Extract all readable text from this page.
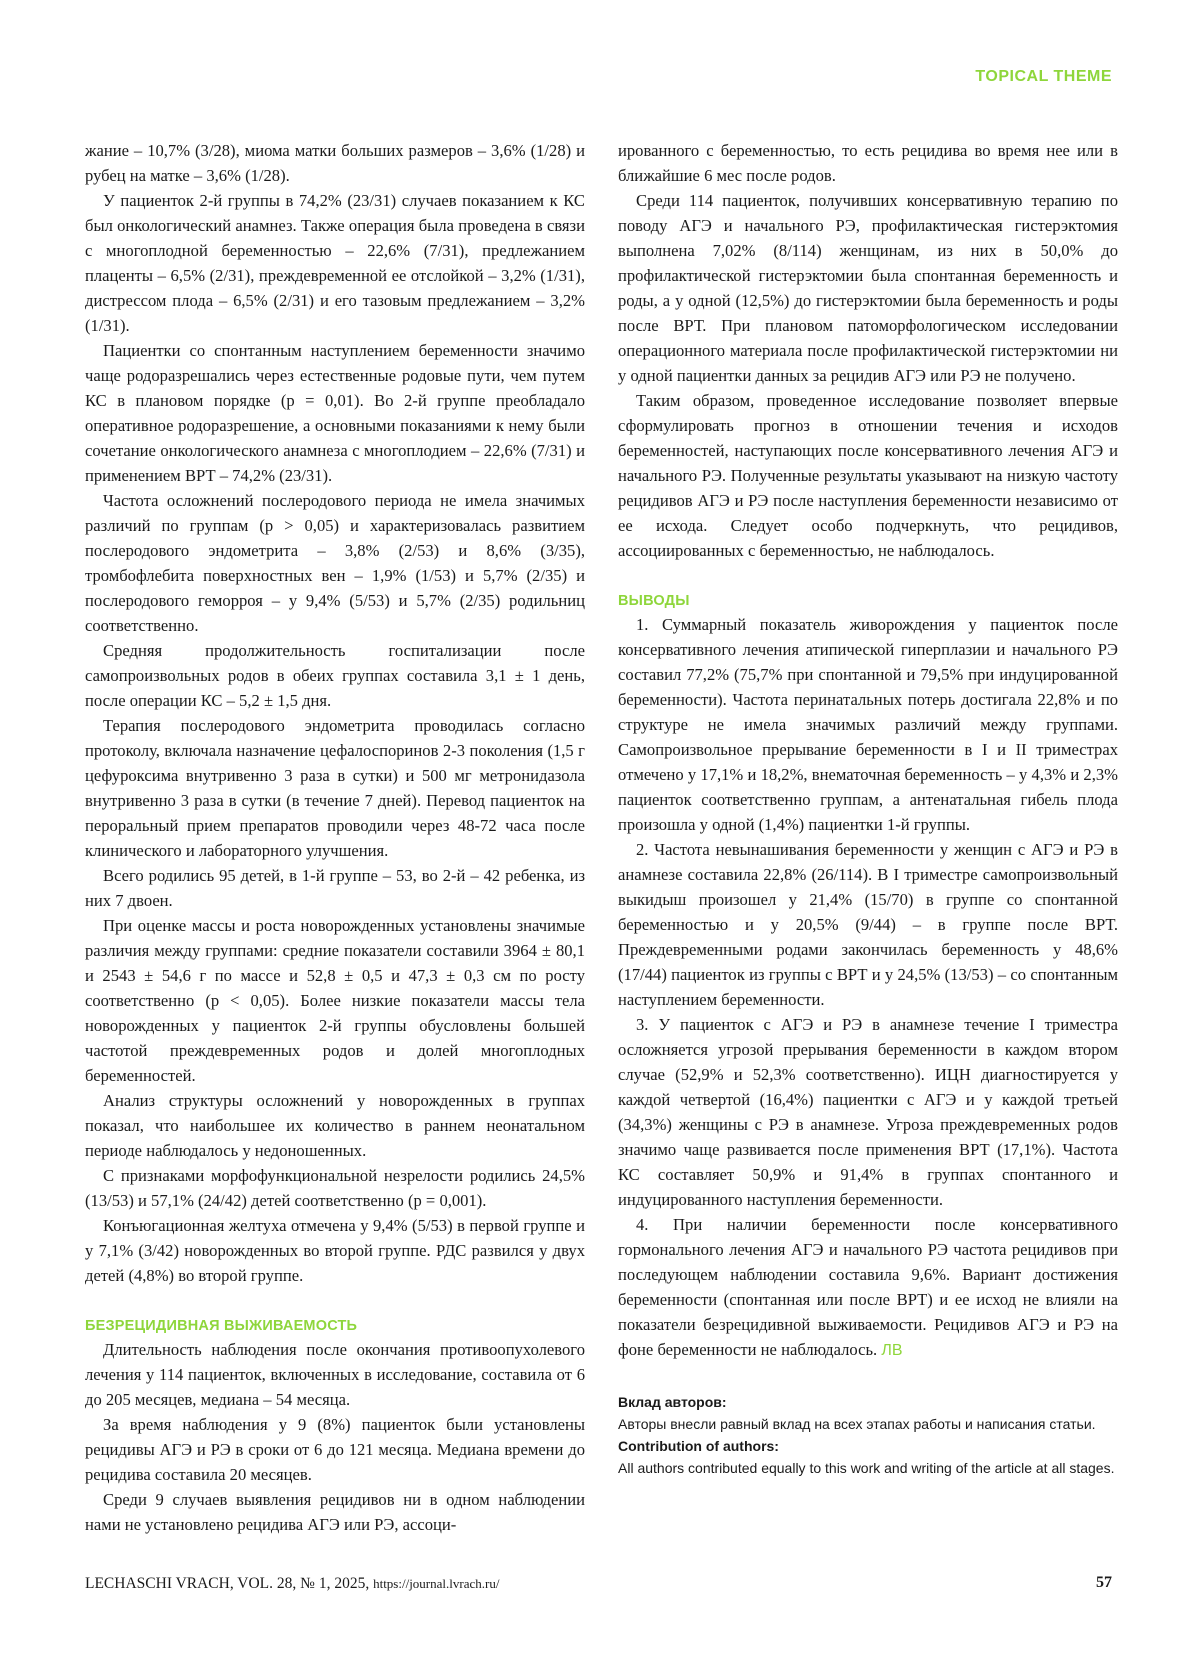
TOPICAL THEME

жание – 10,7% (3/28), миома матки больших размеров – 3,6% (1/28) и рубец на матке – 3,6% (1/28).

У пациенток 2-й группы в 74,2% (23/31) случаев показанием к КС был онкологический анамнез. Также операция была проведена в связи с многоплодной беременностью – 22,6% (7/31), предлежанием плаценты – 6,5% (2/31), преждевременной ее отслойкой – 3,2% (1/31), дистрессом плода – 6,5% (2/31) и его тазовым предлежанием – 3,2% (1/31).

Пациентки со спонтанным наступлением беременности значимо чаще родоразрешались через естественные родовые пути, чем путем КС в плановом порядке (p = 0,01). Во 2-й группе преобладало оперативное родоразрешение, а основными показаниями к нему были сочетание онкологического анамнеза с многоплодием – 22,6% (7/31) и применением ВРТ – 74,2% (23/31).

Частота осложнений послеродового периода не имела значимых различий по группам (p > 0,05) и характеризовалась развитием послеродового эндометрита – 3,8% (2/53) и 8,6% (3/35), тромбофлебита поверхностных вен – 1,9% (1/53) и 5,7% (2/35) и послеродового геморроя – у 9,4% (5/53) и 5,7% (2/35) родильниц соответственно.

Средняя продолжительность госпитализации после самопроизвольных родов в обеих группах составила 3,1 ± 1 день, после операции КС – 5,2 ± 1,5 дня.

Терапия послеродового эндометрита проводилась согласно протоколу, включала назначение цефалоспоринов 2-3 поколения (1,5 г цефуроксима внутривенно 3 раза в сутки) и 500 мг метронидазола внутривенно 3 раза в сутки (в течение 7 дней). Перевод пациенток на пероральный прием препаратов проводили через 48-72 часа после клинического и лабораторного улучшения.

Всего родились 95 детей, в 1-й группе – 53, во 2-й – 42 ребенка, из них 7 двоен.

При оценке массы и роста новорожденных установлены значимые различия между группами: средние показатели составили 3964 ± 80,1 и 2543 ± 54,6 г по массе и 52,8 ± 0,5 и 47,3 ± 0,3 см по росту соответственно (p < 0,05). Более низкие показатели массы тела новорожденных у пациенток 2-й группы обусловлены большей частотой преждевременных родов и долей многоплодных беременностей.

Анализ структуры осложнений у новорожденных в группах показал, что наибольшее их количество в раннем неонатальном периоде наблюдалось у недоношенных.

С признаками морфофункциональной незрелости родились 24,5% (13/53) и 57,1% (24/42) детей соответственно (p = 0,001).

Конъюгационная желтуха отмечена у 9,4% (5/53) в первой группе и у 7,1% (3/42) новорожденных во второй группе. РДС развился у двух детей (4,8%) во второй группе.

БЕЗРЕЦИДИВНАЯ ВЫЖИВАЕМОСТЬ

Длительность наблюдения после окончания противоопухолевого лечения у 114 пациенток, включенных в исследование, составила от 6 до 205 месяцев, медиана – 54 месяца.

За время наблюдения у 9 (8%) пациенток были установлены рецидивы АГЭ и РЭ в сроки от 6 до 121 месяца. Медиана времени до рецидива составила 20 месяцев.

Среди 9 случаев выявления рецидивов ни в одном наблюдении нами не установлено рецидива АГЭ или РЭ, ассоци-

ированного с беременностью, то есть рецидива во время нее или в ближайшие 6 мес после родов.

Среди 114 пациенток, получивших консервативную терапию по поводу АГЭ и начального РЭ, профилактическая гистерэктомия выполнена 7,02% (8/114) женщинам, из них в 50,0% до профилактической гистерэктомии была спонтанная беременность и роды, а у одной (12,5%) до гистерэктомии была беременность и роды после ВРТ. При плановом патоморфологическом исследовании операционного материала после профилактической гистерэктомии ни у одной пациентки данных за рецидив АГЭ или РЭ не получено.

Таким образом, проведенное исследование позволяет впервые сформулировать прогноз в отношении течения и исходов беременностей, наступающих после консервативного лечения АГЭ и начального РЭ. Полученные результаты указывают на низкую частоту рецидивов АГЭ и РЭ после наступления беременности независимо от ее исхода. Следует особо подчеркнуть, что рецидивов, ассоциированных с беременностью, не наблюдалось.

ВЫВОДЫ

1. Суммарный показатель живорождения у пациенток после консервативного лечения атипической гиперплазии и начального РЭ составил 77,2% (75,7% при спонтанной и 79,5% при индуцированной беременности). Частота перинатальных потерь достигала 22,8% и по структуре не имела значимых различий между группами. Самопроизвольное прерывание беременности в I и II триместрах отмечено у 17,1% и 18,2%, внематочная беременность – у 4,3% и 2,3% пациенток соответственно группам, а антенатальная гибель плода произошла у одной (1,4%) пациентки 1-й группы.

2. Частота невынашивания беременности у женщин с АГЭ и РЭ в анамнезе составила 22,8% (26/114). В I триместре самопроизвольный выкидыш произошел у 21,4% (15/70) в группе со спонтанной беременностью и у 20,5% (9/44) – в группе после ВРТ. Преждевременными родами закончилась беременность у 48,6% (17/44) пациенток из группы с ВРТ и у 24,5% (13/53) – со спонтанным наступлением беременности.

3. У пациенток с АГЭ и РЭ в анамнезе течение I триместра осложняется угрозой прерывания беременности в каждом втором случае (52,9% и 52,3% соответственно). ИЦН диагностируется у каждой четвертой (16,4%) пациентки с АГЭ и у каждой третьей (34,3%) женщины с РЭ в анамнезе. Угроза преждевременных родов значимо чаще развивается после применения ВРТ (17,1%). Частота КС составляет 50,9% и 91,4% в группах спонтанного и индуцированного наступления беременности.

4. При наличии беременности после консервативного гормонального лечения АГЭ и начального РЭ частота рецидивов при последующем наблюдении составила 9,6%. Вариант достижения беременности (спонтанная или после ВРТ) и ее исход не влияли на показатели безрецидивной выживаемости. Рецидивов АГЭ и РЭ на фоне беременности не наблюдалось. ЛВ

Вклад авторов:
Авторы внесли равный вклад на всех этапах работы и написания статьи.
Contribution of authors:
All authors contributed equally to this work and writing of the article at all stages.
LECHASCHI VRACH, VOL. 28, № 1, 2025, https://journal.lvrach.ru/	57
